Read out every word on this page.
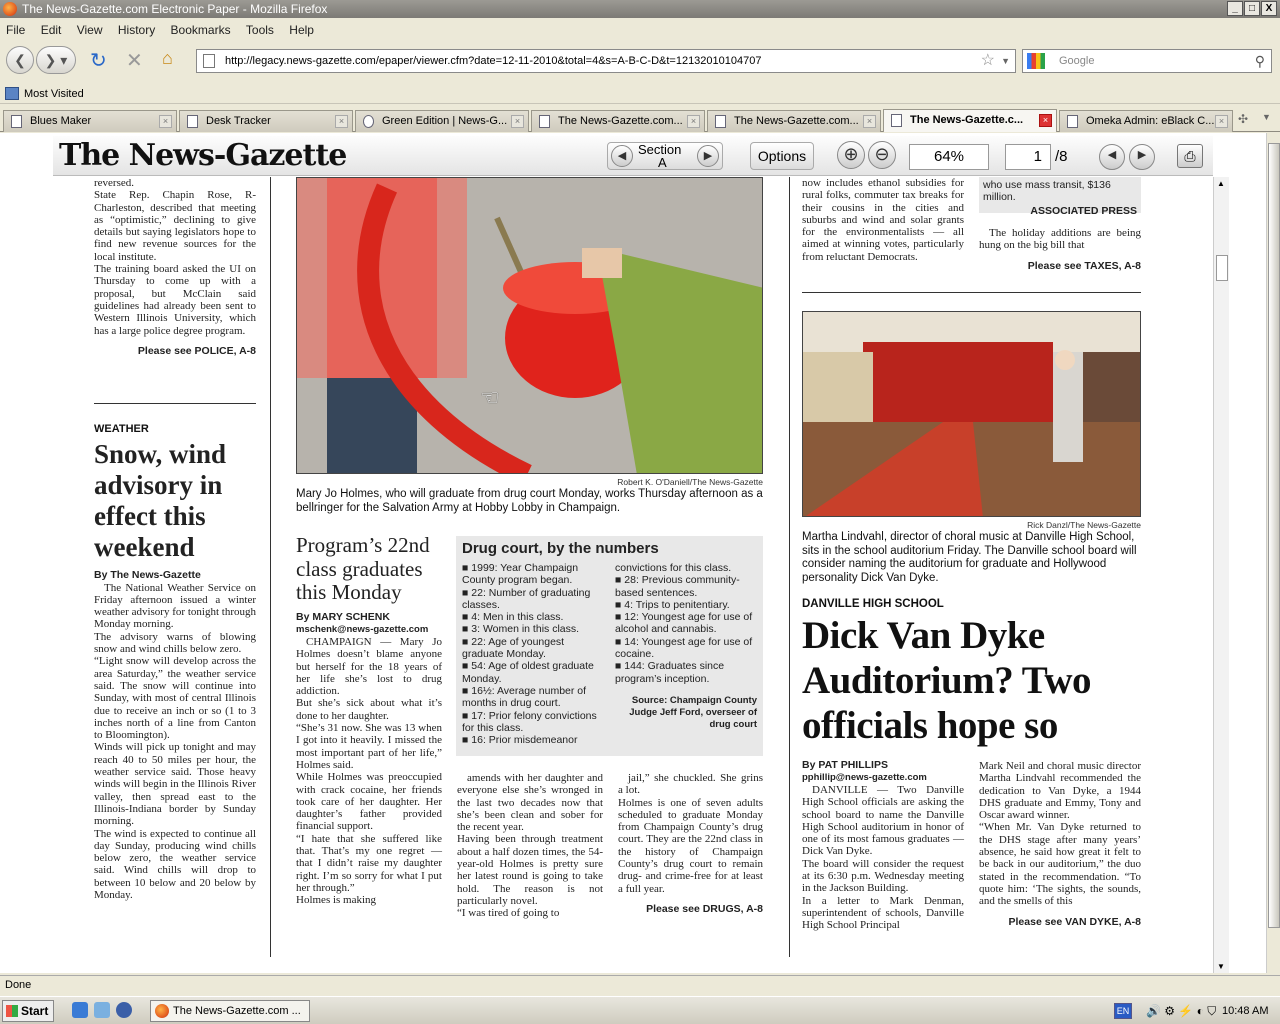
The News-Gazette.com Electronic Paper - Mozilla Firefox	_	□	X
File Edit View History Bookmarks Tools Help
❮	❯ ▾	↻ ✕ ⌂	http://legacy.news-gazette.com/epaper/viewer.cfm?date=12-11-2010&total=4&s=A-B-C-D&t=12132010104707	☆ ▼	Google	⚲
Most Visited
Blues Maker	×	Desk Tracker	×	Green Edition | News-G... ×	The News-Gazette.com... ×	The News-Gazette.com... ×	The News-Gazette.c...	×	Omeka Admin: eBlack C... ×	✣ ▼
The News-Gazette	◀ Section
A	▶	Options	⊕ ⊖	64%	1 /8	◀	▶	⎙
reversed.
State Rep. Chapin Rose, R-Charleston, described that meeting as “optimistic,” declining to give details but saying legislators hope to find new revenue sources for the local institute.
The training board asked the UI on Thursday to come up with a proposal, but McClain said guidelines had already been sent to Western Illinois University, which has a large police degree program.
Please see POLICE, A-8
WEATHER
Snow, wind advisory in effect this weekend
By The News-Gazette
The National Weather Service on Friday afternoon issued a winter weather advisory for tonight through Monday morning.
The advisory warns of blowing snow and wind chills below zero.
“Light snow will develop across the area Saturday,” the weather service said. The snow will continue into Sunday, with most of central Illinois due to receive an inch or so (1 to 3 inches north of a line from Canton to Bloomington).
Winds will pick up tonight and may reach 40 to 50 miles per hour, the weather service said. Those heavy winds will begin in the Illinois River valley, then spread east to the Illinois-Indiana border by Sunday morning.
The wind is expected to continue all day Sunday, producing wind chills below zero, the weather service said. Wind chills will drop to between 10 below and 20 below by Monday.
Robert K. O'Daniell/The News-Gazette
Mary Jo Holmes, who will graduate from drug court Monday, works Thursday afternoon as a bellringer for the Salvation Army at Hobby Lobby in Champaign.
Program’s 22nd class graduates this Monday
By MARY SCHENK
mschenk@news-gazette.com
CHAMPAIGN — Mary Jo Holmes doesn’t blame anyone but herself for the 18 years of her life she’s lost to drug addiction.
But she’s sick about what it’s done to her daughter.
“She’s 31 now. She was 13 when I got into it heavily. I missed the most important part of her life,” Holmes said.
While Holmes was preoccupied with crack cocaine, her friends took care of her daughter. Her daughter’s father provided financial support.
“I hate that she suffered like that. That’s my one regret — that I didn’t raise my daughter right. I’m so sorry for what I put her through.”
Holmes is making
Drug court, by the numbers
■ 1999: Year Champaign County program began.
■ 22: Number of graduating classes.
■ 4: Men in this class.
■ 3: Women in this class.
■ 22: Age of youngest graduate Monday.
■ 54: Age of oldest graduate Monday.
■ 16½: Average number of months in drug court.
■ 17: Prior felony convictions for this class.
■ 16: Prior misdemeanor
convictions for this class.
■ 28: Previous community-based sentences.
■ 4: Trips to penitentiary.
■ 12: Youngest age for use of alcohol and cannabis.
■ 14: Youngest age for use of cocaine.
■ 144: Graduates since program’s inception.
Source: Champaign County Judge Jeff Ford, overseer of drug court
amends with her daughter and everyone else she’s wronged in the last two decades now that she’s been clean and sober for the recent year.
Having been through treatment about a half dozen times, the 54-year-old Holmes is pretty sure her latest round is going to take hold. The reason is not particularly novel.
“I was tired of going to
jail,” she chuckled. She grins a lot.
Holmes is one of seven adults scheduled to graduate Monday from Champaign County’s drug court. They are the 22nd class in the history of Champaign County’s drug court to remain drug- and crime-free for at least a full year.
Please see DRUGS, A-8
now includes ethanol subsidies for rural folks, commuter tax breaks for their cousins in the cities and suburbs and wind and solar grants for the environmentalists — all aimed at winning votes, particularly from reluctant Democrats.
who use mass transit, $136 million.
ASSOCIATED PRESS

The holiday additions are being hung on the big bill that

Please see TAXES, A-8
Rick Danzl/The News-Gazette
Martha Lindvahl, director of choral music at Danville High School, sits in the school auditorium Friday. The Danville school board will consider naming the auditorium for graduate and Hollywood personality Dick Van Dyke.
DANVILLE HIGH SCHOOL
Dick Van Dyke Auditorium? Two officials hope so
By PAT PHILLIPS
pphillip@news-gazette.com
DANVILLE — Two Danville High School officials are asking the school board to name the Danville High School auditorium in honor of one of its most famous graduates — Dick Van Dyke.
The board will consider the request at its 6:30 p.m. Wednesday meeting in the Jackson Building.
In a letter to Mark Denman, superintendent of schools, Danville High School Principal
Mark Neil and choral music director Martha Lindvahl recommended the dedication to Van Dyke, a 1944 DHS graduate and Emmy, Tony and Oscar award winner.
“When Mr. Van Dyke returned to the DHS stage after many years’ absence, he said how great it felt to be back in our auditorium,” the duo stated in the recommendation. “To quote him: ‘The sights, the sounds, and the smells of this
Please see VAN DYKE, A-8
☜
▲
▼
Done
Start	The News-Gazette.com ...	EN 🔊 ⚙ ⚡ ◐ ⛉ 10:48 AM
